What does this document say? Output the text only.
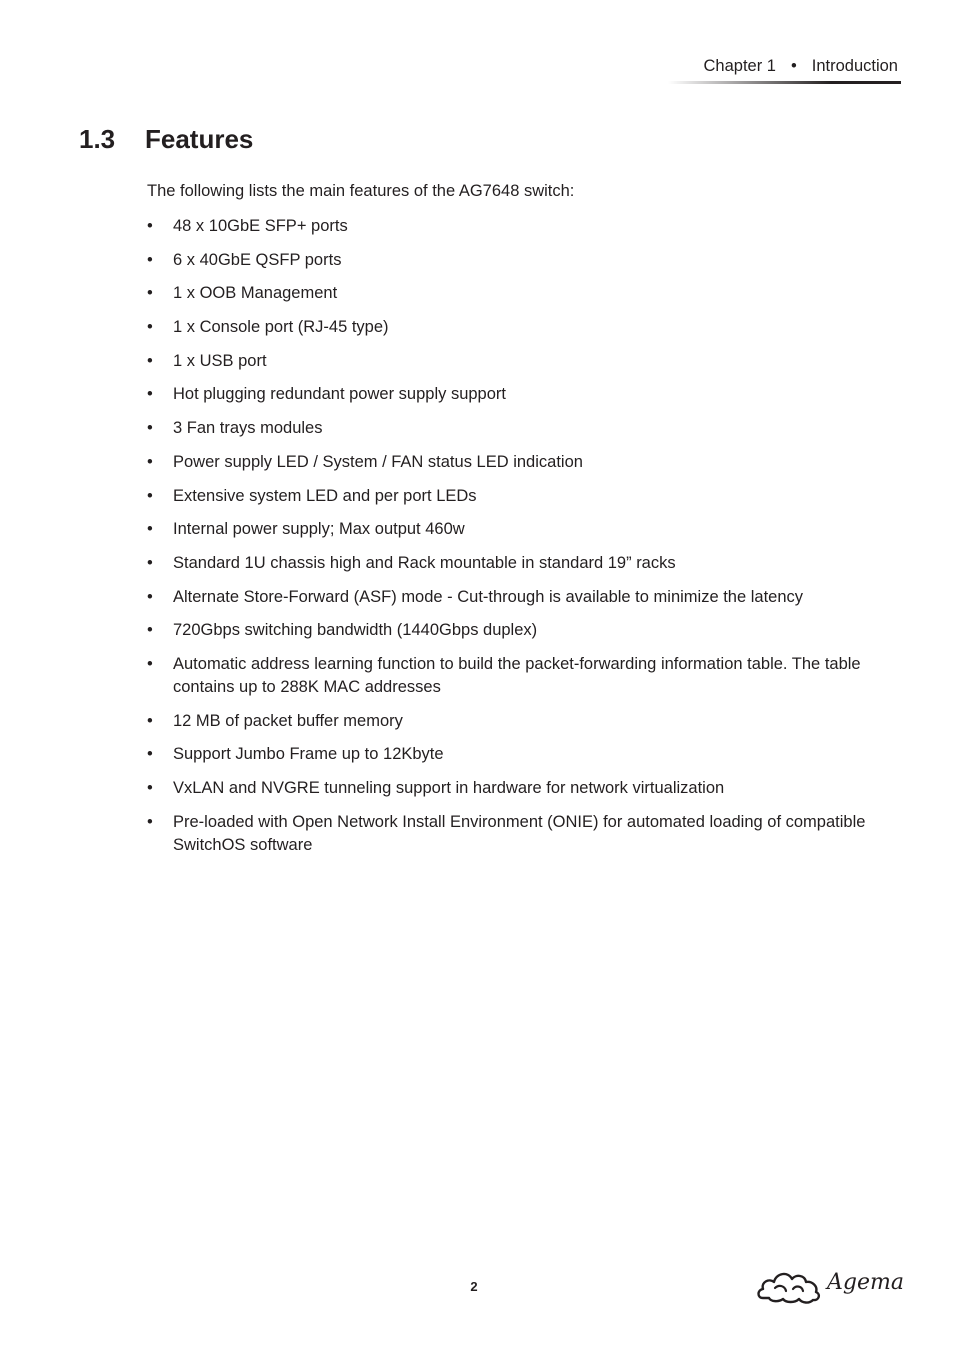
Chapter 1 • Introduction
1.3 Features

The following lists the main features of the AG7648 switch:

• 48 x 10GbE SFP+ ports
• 6 x 40GbE QSFP ports
• 1 x OOB Management
• 1 x Console port (RJ-45 type)
• 1 x USB port
• Hot plugging redundant power supply support
• 3 Fan trays modules
• Power supply LED / System / FAN status LED indication
• Extensive system LED and per port LEDs
• Internal power supply; Max output 460w
• Standard 1U chassis high and Rack mountable in standard 19” racks
• Alternate Store-Forward (ASF) mode - Cut-through is available to minimize the latency
• 720Gbps switching bandwidth (1440Gbps duplex)
• Automatic address learning function to build the packet-forwarding information table. The table contains up to 288K MAC addresses
• 12 MB of packet buffer memory
• Support Jumbo Frame up to 12Kbyte
• VxLAN and NVGRE tunneling support in hardware for network virtualization
• Pre-loaded with Open Network Install Environment (ONIE) for automated loading of compatible SwitchOS software
2	Agema
